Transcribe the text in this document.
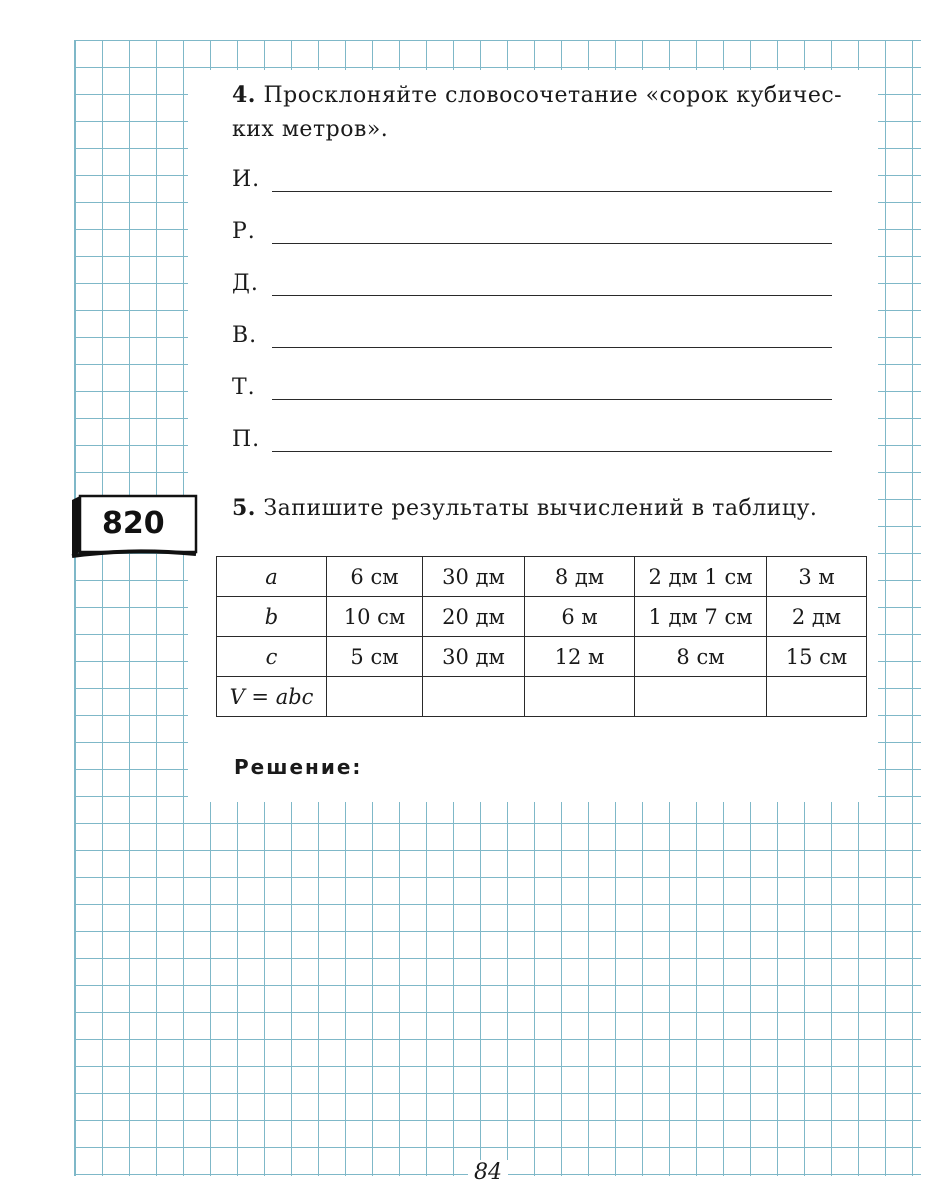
4. Просклоняйте словосочетание «сорок кубичес-
ких метров».
И.
Р.
Д.
В.
Т.
П.
820	5. Запишите результаты вычислений в таблицу.
a	6 см	30 дм	8 дм	2 дм 1 см	3 м
b	10 см	20 дм	6 м	1 дм 7 см	2 дм
c	5 см	30 дм	12 м	8 см	15 см
V = abc					
Решение:
84
